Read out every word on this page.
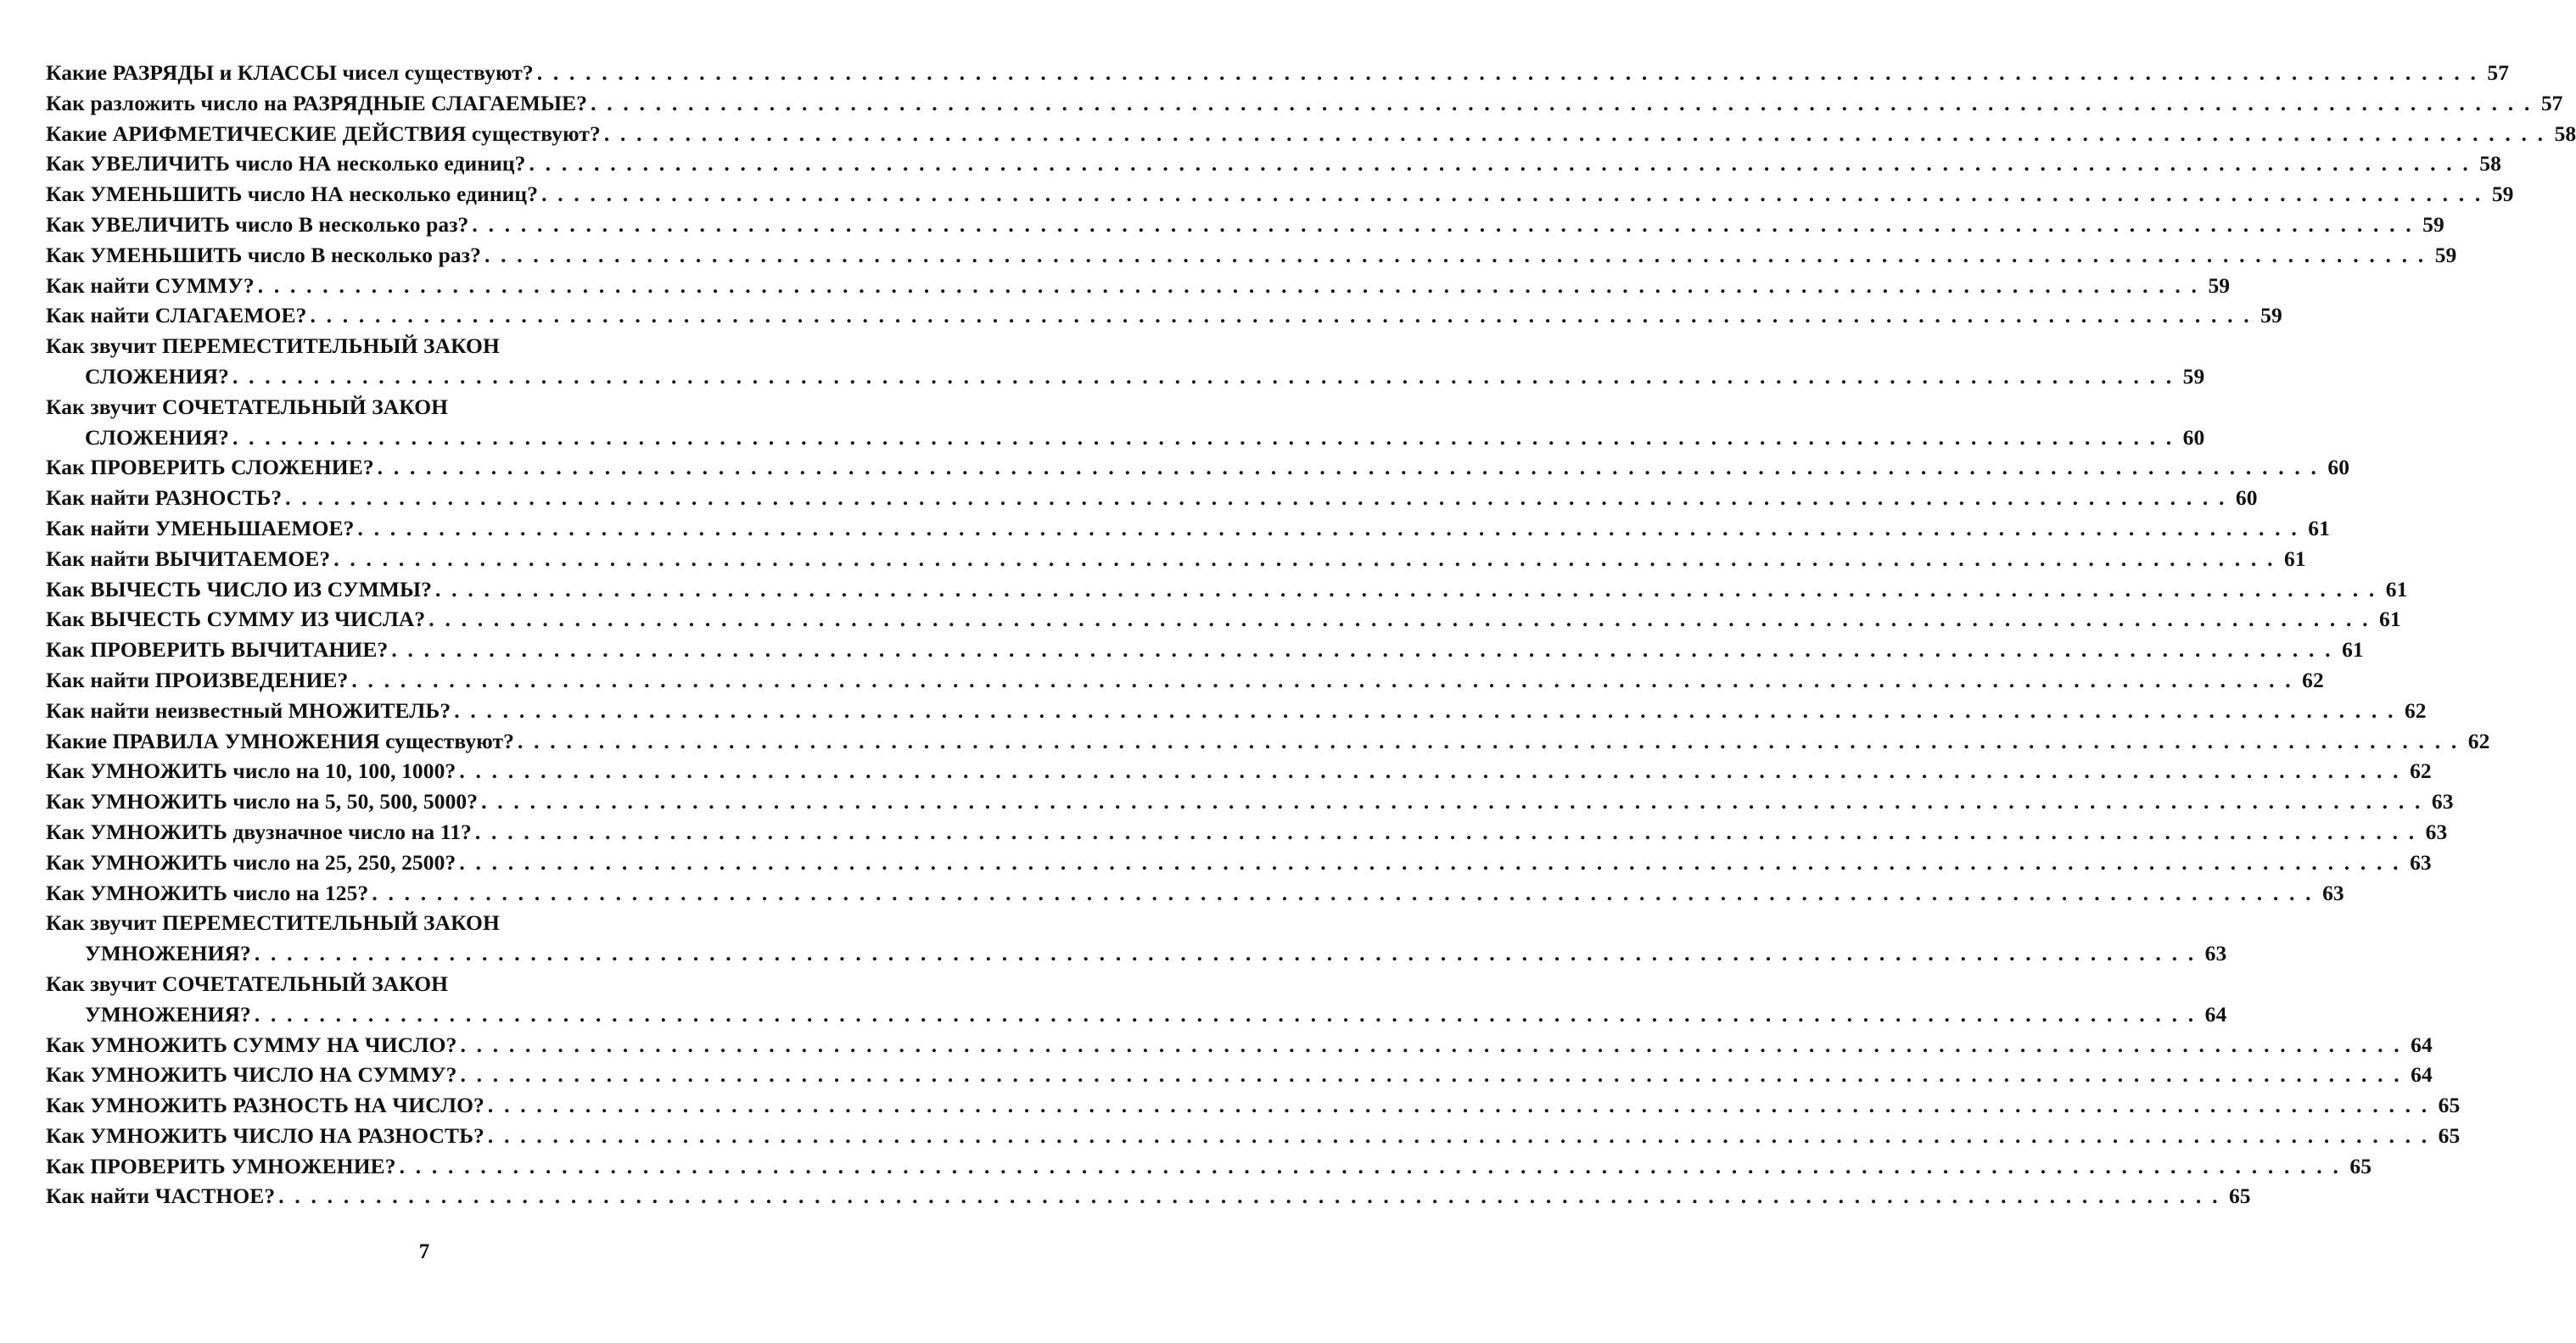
Какие РАЗРЯДЫ и КЛАССЫ чисел существуют? . . . . . . . . . . . . . . . . . . . . . . . . . . . . . . . . . . . . . . . . . . . . . . . . . . . . . . . . . . . . . . . . . . . . . . . . . . . . . . . . . . . . . . . . . . . . . . . . . . . . . . . . . . . . . . . . . . . . . . . . 57
Как разложить число на РАЗРЯДНЫЕ СЛАГАЕМЫЕ? . . . . . . . . . . . . . . . . . . . . . . . . . . . . . . . . . . . . . . . . . . . . . . . . . . . . . . . . . . . . . . . . . . . . . . . . . . . . . . . . . . . . . . . . . . . . . . . . . . . . . . . . . . . . . . . . . . . . . . . . 57
Какие АРИФМЕТИЧЕСКИЕ ДЕЙСТВИЯ существуют? . . . . . . . . . . . . . . . . . . . . . . . . . . . . . . . . . . . . . . . . . . . . . . . . . . . . . . . . . . . . . . . . . . . . . . . . . . . . . . . . . . . . . . . . . . . . . . . . . . . . . . . . . . . . . . . . . . . . . . . . 58
Как УВЕЛИЧИТЬ число НА несколько единиц? . . . . . . . . . . . . . . . . . . . . . . . . . . . . . . . . . . . . . . . . . . . . . . . . . . . . . . . . . . . . . . . . . . . . . . . . . . . . . . . . . . . . . . . . . . . . . . . . . . . . . . . . . . . . . . . . . . . . . . . . 58
Как УМЕНЬШИТЬ число НА несколько единиц? . . . . . . . . . . . . . . . . . . . . . . . . . . . . . . . . . . . . . . . . . . . . . . . . . . . . . . . . . . . . . . . . . . . . . . . . . . . . . . . . . . . . . . . . . . . . . . . . . . . . . . . . . . . . . . . . . . . . . . . . 59
Как УВЕЛИЧИТЬ число В несколько раз? . . . . . . . . . . . . . . . . . . . . . . . . . . . . . . . . . . . . . . . . . . . . . . . . . . . . . . . . . . . . . . . . . . . . . . . . . . . . . . . . . . . . . . . . . . . . . . . . . . . . . . . . . . . . . . . . . . . . . . . . 59
Как УМЕНЬШИТЬ число В несколько раз? . . . . . . . . . . . . . . . . . . . . . . . . . . . . . . . . . . . . . . . . . . . . . . . . . . . . . . . . . . . . . . . . . . . . . . . . . . . . . . . . . . . . . . . . . . . . . . . . . . . . . . . . . . . . . . . . . . . . . . . . 59
Как найти СУММУ? . . . . . . . . . . . . . . . . . . . . . . . . . . . . . . . . . . . . . . . . . . . . . . . . . . . . . . . . . . . . . . . . . . . . . . . . . . . . . . . . . . . . . . . . . . . . . . . . . . . . . . . . . . . . . . . . . . . . . . . . 59
Как найти СЛАГАЕМОЕ? . . . . . . . . . . . . . . . . . . . . . . . . . . . . . . . . . . . . . . . . . . . . . . . . . . . . . . . . . . . . . . . . . . . . . . . . . . . . . . . . . . . . . . . . . . . . . . . . . . . . . . . . . . . . . . . . . . . . . . . . 59
Как звучит ПЕРЕМЕСТИТЕЛЬНЫЙ ЗАКОН
СЛОЖЕНИЯ? . . . . . . . . . . . . . . . . . . . . . . . . . . . . . . . . . . . . . . . . . . . . . . . . . . . . . . . . . . . . . . . . . . . . . . . . . . . . . . . . . . . . . . . . . . . . . . . . . . . . . . . . . . . . . . . . . . . . . . . . 59
Как звучит СОЧЕТАТЕЛЬНЫЙ ЗАКОН
СЛОЖЕНИЯ? . . . . . . . . . . . . . . . . . . . . . . . . . . . . . . . . . . . . . . . . . . . . . . . . . . . . . . . . . . . . . . . . . . . . . . . . . . . . . . . . . . . . . . . . . . . . . . . . . . . . . . . . . . . . . . . . . . . . . . . . 60
Как ПРОВЕРИТЬ СЛОЖЕНИЕ? . . . . . . . . . . . . . . . . . . . . . . . . . . . . . . . . . . . . . . . . . . . . . . . . . . . . . . . . . . . . . . . . . . . . . . . . . . . . . . . . . . . . . . . . . . . . . . . . . . . . . . . . . . . . . . . . . . . . . . . . 60
Как найти РАЗНОСТЬ? . . . . . . . . . . . . . . . . . . . . . . . . . . . . . . . . . . . . . . . . . . . . . . . . . . . . . . . . . . . . . . . . . . . . . . . . . . . . . . . . . . . . . . . . . . . . . . . . . . . . . . . . . . . . . . . . . . . . . . . . 60
Как найти УМЕНЬШАЕМОЕ? . . . . . . . . . . . . . . . . . . . . . . . . . . . . . . . . . . . . . . . . . . . . . . . . . . . . . . . . . . . . . . . . . . . . . . . . . . . . . . . . . . . . . . . . . . . . . . . . . . . . . . . . . . . . . . . . . . . . . . . . 61
Как найти ВЫЧИТАЕМОЕ? . . . . . . . . . . . . . . . . . . . . . . . . . . . . . . . . . . . . . . . . . . . . . . . . . . . . . . . . . . . . . . . . . . . . . . . . . . . . . . . . . . . . . . . . . . . . . . . . . . . . . . . . . . . . . . . . . . . . . . . . 61
Как ВЫЧЕСТЬ ЧИСЛО ИЗ СУММЫ? . . . . . . . . . . . . . . . . . . . . . . . . . . . . . . . . . . . . . . . . . . . . . . . . . . . . . . . . . . . . . . . . . . . . . . . . . . . . . . . . . . . . . . . . . . . . . . . . . . . . . . . . . . . . . . . . . . . . . . . . 61
Как ВЫЧЕСТЬ СУММУ ИЗ ЧИСЛА? . . . . . . . . . . . . . . . . . . . . . . . . . . . . . . . . . . . . . . . . . . . . . . . . . . . . . . . . . . . . . . . . . . . . . . . . . . . . . . . . . . . . . . . . . . . . . . . . . . . . . . . . . . . . . . . . . . . . . . . . 61
Как ПРОВЕРИТЬ ВЫЧИТАНИЕ? . . . . . . . . . . . . . . . . . . . . . . . . . . . . . . . . . . . . . . . . . . . . . . . . . . . . . . . . . . . . . . . . . . . . . . . . . . . . . . . . . . . . . . . . . . . . . . . . . . . . . . . . . . . . . . . . . . . . . . . . 61
Как найти ПРОИЗВЕДЕНИЕ? . . . . . . . . . . . . . . . . . . . . . . . . . . . . . . . . . . . . . . . . . . . . . . . . . . . . . . . . . . . . . . . . . . . . . . . . . . . . . . . . . . . . . . . . . . . . . . . . . . . . . . . . . . . . . . . . . . . . . . . . 62
Как найти неизвестный МНОЖИТЕЛЬ? . . . . . . . . . . . . . . . . . . . . . . . . . . . . . . . . . . . . . . . . . . . . . . . . . . . . . . . . . . . . . . . . . . . . . . . . . . . . . . . . . . . . . . . . . . . . . . . . . . . . . . . . . . . . . . . . . . . . . . . . 62
Какие ПРАВИЛА УМНОЖЕНИЯ существуют? . . . . . . . . . . . . . . . . . . . . . . . . . . . . . . . . . . . . . . . . . . . . . . . . . . . . . . . . . . . . . . . . . . . . . . . . . . . . . . . . . . . . . . . . . . . . . . . . . . . . . . . . . . . . . . . . . . . . . . . . 62
Как УМНОЖИТЬ число на 10, 100, 1000? . . . . . . . . . . . . . . . . . . . . . . . . . . . . . . . . . . . . . . . . . . . . . . . . . . . . . . . . . . . . . . . . . . . . . . . . . . . . . . . . . . . . . . . . . . . . . . . . . . . . . . . . . . . . . . . . . . . . . . . . 62
Как УМНОЖИТЬ число на 5, 50, 500, 5000? . . . . . . . . . . . . . . . . . . . . . . . . . . . . . . . . . . . . . . . . . . . . . . . . . . . . . . . . . . . . . . . . . . . . . . . . . . . . . . . . . . . . . . . . . . . . . . . . . . . . . . . . . . . . . . . . . . . . . . . . 63
Как УМНОЖИТЬ двузначное число на 11? . . . . . . . . . . . . . . . . . . . . . . . . . . . . . . . . . . . . . . . . . . . . . . . . . . . . . . . . . . . . . . . . . . . . . . . . . . . . . . . . . . . . . . . . . . . . . . . . . . . . . . . . . . . . . . . . . . . . . . . . 63
Как УМНОЖИТЬ число на 25, 250, 2500? . . . . . . . . . . . . . . . . . . . . . . . . . . . . . . . . . . . . . . . . . . . . . . . . . . . . . . . . . . . . . . . . . . . . . . . . . . . . . . . . . . . . . . . . . . . . . . . . . . . . . . . . . . . . . . . . . . . . . . . . 63
Как УМНОЖИТЬ число на 125? . . . . . . . . . . . . . . . . . . . . . . . . . . . . . . . . . . . . . . . . . . . . . . . . . . . . . . . . . . . . . . . . . . . . . . . . . . . . . . . . . . . . . . . . . . . . . . . . . . . . . . . . . . . . . . . . . . . . . . . . 63
Как звучит ПЕРЕМЕСТИТЕЛЬНЫЙ ЗАКОН
УМНОЖЕНИЯ? . . . . . . . . . . . . . . . . . . . . . . . . . . . . . . . . . . . . . . . . . . . . . . . . . . . . . . . . . . . . . . . . . . . . . . . . . . . . . . . . . . . . . . . . . . . . . . . . . . . . . . . . . . . . . . . . . . . . . . . . 63
Как звучит СОЧЕТАТЕЛЬНЫЙ ЗАКОН
УМНОЖЕНИЯ? . . . . . . . . . . . . . . . . . . . . . . . . . . . . . . . . . . . . . . . . . . . . . . . . . . . . . . . . . . . . . . . . . . . . . . . . . . . . . . . . . . . . . . . . . . . . . . . . . . . . . . . . . . . . . . . . . . . . . . . . 64
Как УМНОЖИТЬ СУММУ НА ЧИСЛО? . . . . . . . . . . . . . . . . . . . . . . . . . . . . . . . . . . . . . . . . . . . . . . . . . . . . . . . . . . . . . . . . . . . . . . . . . . . . . . . . . . . . . . . . . . . . . . . . . . . . . . . . . . . . . . . . . . . . . . . . 64
Как УМНОЖИТЬ ЧИСЛО НА СУММУ? . . . . . . . . . . . . . . . . . . . . . . . . . . . . . . . . . . . . . . . . . . . . . . . . . . . . . . . . . . . . . . . . . . . . . . . . . . . . . . . . . . . . . . . . . . . . . . . . . . . . . . . . . . . . . . . . . . . . . . . . 64
Как УМНОЖИТЬ РАЗНОСТЬ НА ЧИСЛО? . . . . . . . . . . . . . . . . . . . . . . . . . . . . . . . . . . . . . . . . . . . . . . . . . . . . . . . . . . . . . . . . . . . . . . . . . . . . . . . . . . . . . . . . . . . . . . . . . . . . . . . . . . . . . . . . . . . . . . . . 65
Как УМНОЖИТЬ ЧИСЛО НА РАЗНОСТЬ? . . . . . . . . . . . . . . . . . . . . . . . . . . . . . . . . . . . . . . . . . . . . . . . . . . . . . . . . . . . . . . . . . . . . . . . . . . . . . . . . . . . . . . . . . . . . . . . . . . . . . . . . . . . . . . . . . . . . . . . . 65
Как ПРОВЕРИТЬ УМНОЖЕНИЕ? . . . . . . . . . . . . . . . . . . . . . . . . . . . . . . . . . . . . . . . . . . . . . . . . . . . . . . . . . . . . . . . . . . . . . . . . . . . . . . . . . . . . . . . . . . . . . . . . . . . . . . . . . . . . . . . . . . . . . . . . 65
Как найти ЧАСТНОЕ? . . . . . . . . . . . . . . . . . . . . . . . . . . . . . . . . . . . . . . . . . . . . . . . . . . . . . . . . . . . . . . . . . . . . . . . . . . . . . . . . . . . . . . . . . . . . . . . . . . . . . . . . . . . . . . . . . . . . . . . . 65
7
